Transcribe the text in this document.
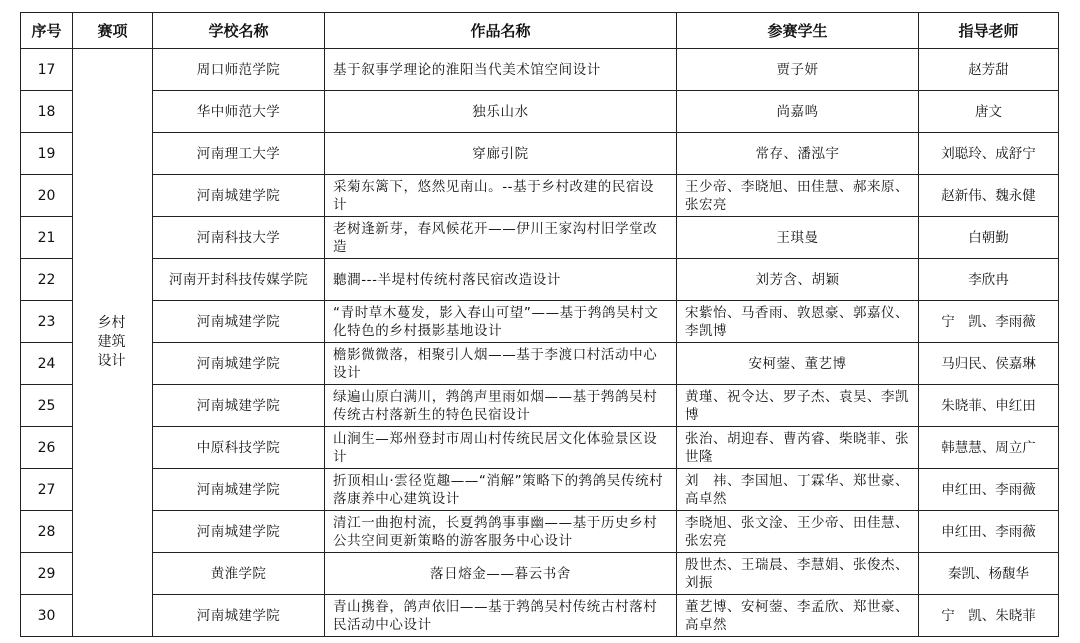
序号	赛项	学校名称	作品名称	参赛学生	指导老师
17	乡村建筑设计	周口师范学院	基于叙事学理论的淮阳当代美术馆空间设计	贾子妍	赵芳甜
18		华中师范大学	独乐山水	尚嘉鸣	唐文
19		河南理工大学	穿廊引院	常存、潘泓宇	刘聪玲、成舒宁
20		河南城建学院	采菊东篱下，悠然见南山。--基于乡村改建的民宿设计	王少帝、李晓旭、田佳慧、郝来原、张宏亮	赵新伟、魏永健
21		河南科技大学	老树逢新芽，春风候花开——伊川王家沟村旧学堂改造	王琪曼	白朝勤
22		河南开封科技传媒学院	聽澗---半堤村传统村落民宿改造设计	刘芳含、胡颖	李欣冉
23		河南城建学院	“青时草木蔓发，影入春山可望”——基于鹁鸽吴村文化特色的乡村摄影基地设计	宋紫怡、马香雨、敦恩豪、郭嘉仪、李凯博	宁　凯、李雨薇
24		河南城建学院	檐影微微落，相聚引人烟——基于李渡口村活动中心设计	安柯蓥、董艺博	马归民、侯嘉琳
25		河南城建学院	绿遍山原白满川，鹁鸽声里雨如烟——基于鹁鸽吴村传统古村落新生的特色民宿设计	黄瑾、祝令达、罗子杰、袁昊、李凯博	朱晓菲、申红田
26		中原科技学院	山涧生—郑州登封市周山村传统民居文化体验景区设计	张治、胡迎春、曹芮睿、柴晓菲、张世隆	韩慧慧、周立广
27		河南城建学院	折顶相山·雲径览趣——“消解”策略下的鹁鸽吴传统村落康养中心建筑设计	刘　祎、李国旭、丁霖华、郑世豪、高卓然	申红田、李雨薇
28		河南城建学院	清江一曲抱村流，长夏鹁鸽事事幽——基于历史乡村公共空间更新策略的游客服务中心设计	李晓旭、张文淦、王少帝、田佳慧、张宏亮	申红田、李雨薇
29		黄淮学院	落日熔金——暮云书舍	殷世杰、王瑞晨、李慧娟、张俊杰、刘振	秦凯、杨馥华
30		河南城建学院	青山携眷，鸽声依旧——基于鹁鸽吴村传统古村落村民活动中心设计	董艺博、安柯蓥、李孟欣、郑世豪、高卓然	宁　凯、朱晓菲
